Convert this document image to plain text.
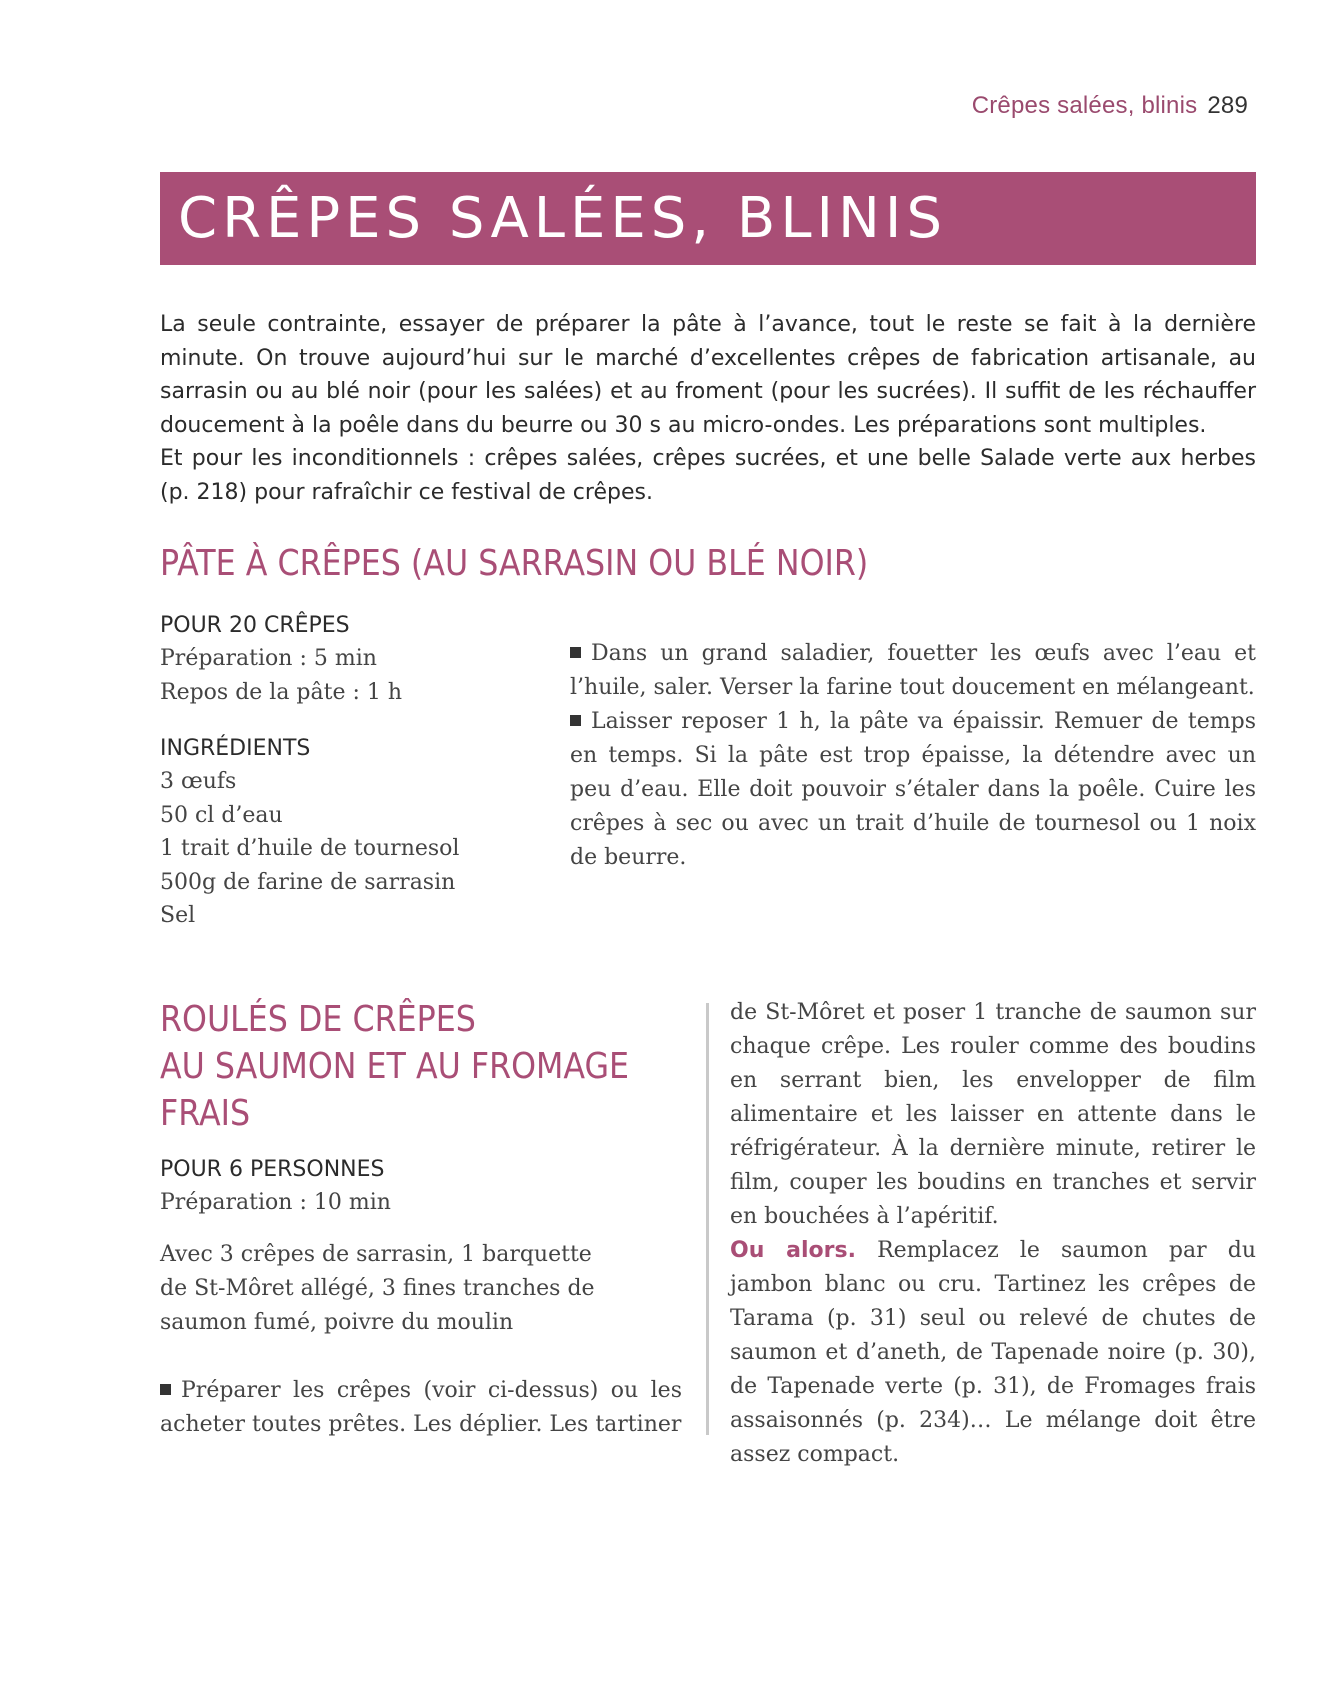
Crêpes salées, blinis 289
CRÊPES SALÉES, BLINIS

La seule contrainte, essayer de préparer la pâte à l’avance, tout le reste se fait à la dernière minute. On trouve aujourd’hui sur le marché d’excellentes crêpes de fabrication artisanale, au sarrasin ou au blé noir (pour les salées) et au froment (pour les sucrées). Il suffit de les réchauffer doucement à la poêle dans du beurre ou 30 s au micro-ondes. Les préparations sont multiples.

Et pour les inconditionnels : crêpes salées, crêpes sucrées, et une belle Salade verte aux herbes (p. 218) pour rafraîchir ce festival de crêpes.

PÂTE À CRÊPES (AU SARRASIN OU BLÉ NOIR)
POUR 20 CRÊPES
Préparation : 5 min
Repos de la pâte : 1 h
INGRÉDIENTS
3 œufs
50 cl d’eau
1 trait d’huile de tournesol
500g de farine de sarrasin
Sel

Dans un grand saladier, fouetter les œufs avec l’eau et l’huile, saler. Verser la farine tout doucement en mélangeant.

Laisser reposer 1 h, la pâte va épaissir. Remuer de temps en temps. Si la pâte est trop épaisse, la détendre avec un peu d’eau. Elle doit pouvoir s’étaler dans la poêle. Cuire les crêpes à sec ou avec un trait d’huile de tournesol ou 1 noix de beurre.

ROULÉS DE CRÊPES
AU SAUMON ET AU FROMAGE
FRAIS
POUR 6 PERSONNES
Préparation : 10 min

Avec 3 crêpes de sarrasin, 1 barquette de St-Môret allégé, 3 fines tranches de saumon fumé, poivre du moulin

Préparer les crêpes (voir ci-dessus) ou les acheter toutes prêtes. Les déplier. Les tartiner

de St-Môret et poser 1 tranche de saumon sur chaque crêpe. Les rouler comme des boudins en serrant bien, les envelopper de film alimentaire et les laisser en attente dans le réfrigérateur. À la dernière minute, retirer le film, couper les boudins en tranches et servir en bouchées à l’apéritif.

Ou alors. Remplacez le saumon par du jambon blanc ou cru. Tartinez les crêpes de Tarama (p. 31) seul ou relevé de chutes de saumon et d’aneth, de Tapenade noire (p. 30), de Tapenade verte (p. 31), de Fromages frais assaisonnés (p. 234)… Le mélange doit être assez compact.
